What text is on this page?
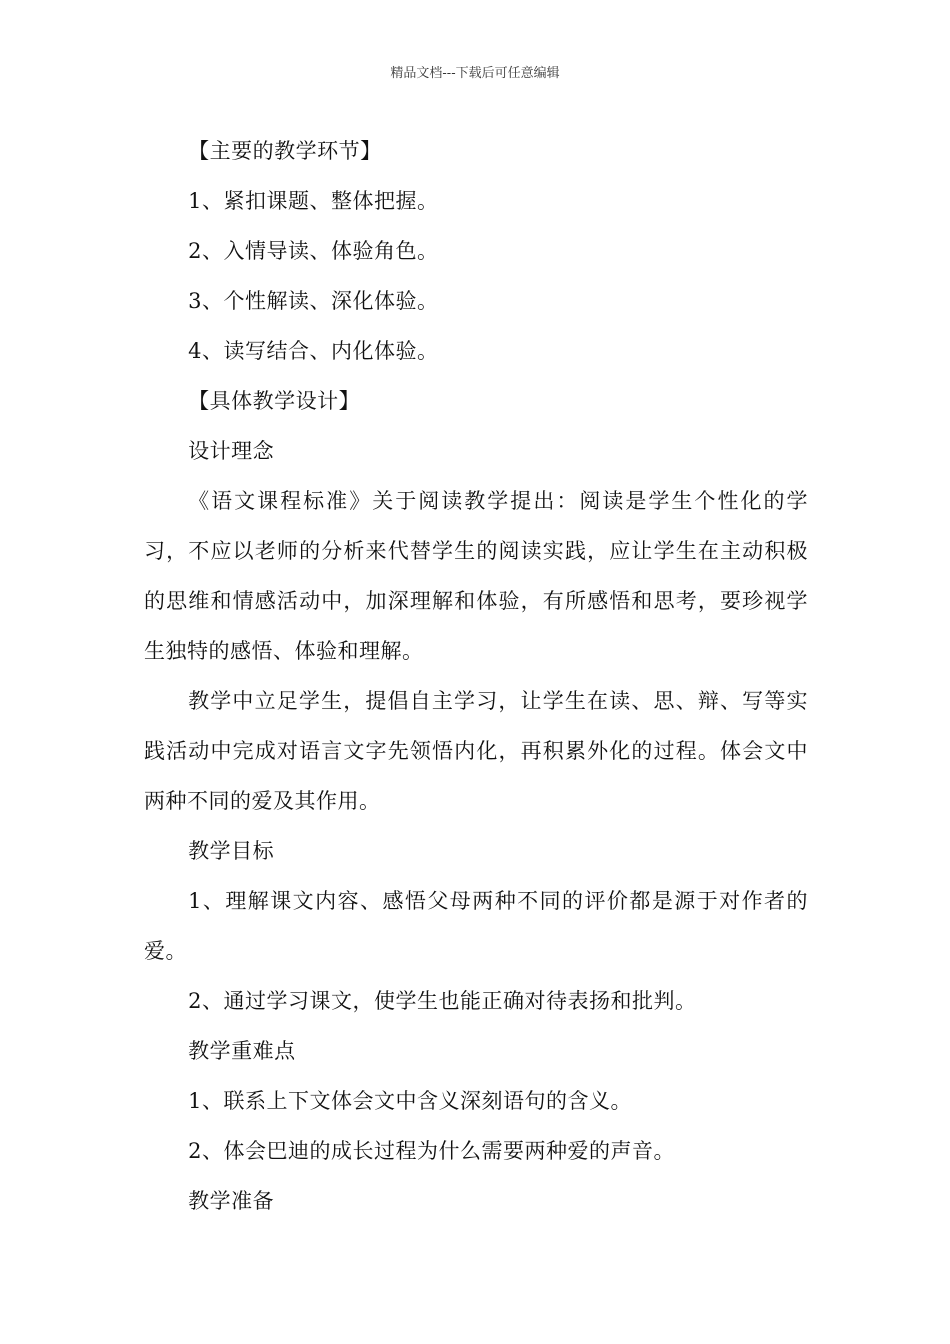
精品文档---下载后可任意编辑

【主要的教学环节】

1、紧扣课题、整体把握。

2、入情导读、体验角色。

3、个性解读、深化体验。

4、读写结合、内化体验。

【具体教学设计】

设计理念

《语文课程标准》关于阅读教学提出：阅读是学生个性化的学习，不应以老师的分析来代替学生的阅读实践，应让学生在主动积极的思维和情感活动中，加深理解和体验，有所感悟和思考，要珍视学生独特的感悟、体验和理解。

教学中立足学生，提倡自主学习，让学生在读、思、辩、写等实践活动中完成对语言文字先领悟内化，再积累外化的过程。体会文中两种不同的爱及其作用。

教学目标

1、理解课文内容、感悟父母两种不同的评价都是源于对作者的爱。

2、通过学习课文，使学生也能正确对待表扬和批判。

教学重难点

1、联系上下文体会文中含义深刻语句的含义。

2、体会巴迪的成长过程为什么需要两种爱的声音。

教学准备
